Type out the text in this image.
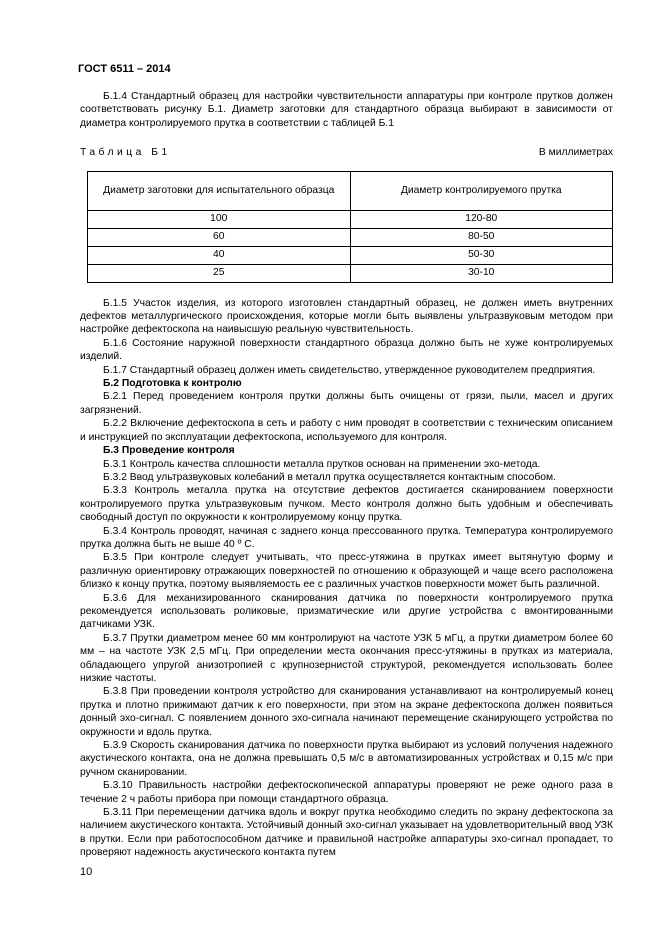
ГОСТ 6511 – 2014

Б.1.4 Стандартный образец для настройки чувствительности аппаратуры при контроле прутков должен соответствовать рисунку Б.1. Диаметр заготовки для стандартного образца выбирают в зависимости от диаметра контролируемого прутка в соответствии с таблицей Б.1

Таблица Б1	В миллиметрах
Диаметр заготовки для испытательного образца	Диаметр контролируемого прутка
100	120-80
60	80-50
40	50-30
25	30-10

Б.1.5 Участок изделия, из которого изготовлен стандартный образец, не должен иметь внутренних дефектов металлургического происхождения, которые могли быть выявлены ультразвуковым методом при настройке дефектоскопа на наивысшую реальную чувствительность.

Б.1.6 Состояние наружной поверхности стандартного образца должно быть не хуже контролируемых изделий.

Б.1.7 Стандартный образец должен иметь свидетельство, утвержденное руководителем предприятия.

Б.2 Подготовка к контролю

Б.2.1 Перед проведением контроля прутки должны быть очищены от грязи, пыли, масел и других загрязнений.

Б.2.2 Включение дефектоскопа в сеть и работу с ним проводят в соответствии с техническим описанием и инструкцией по эксплуатации дефектоскопа, используемого для контроля.

Б.3 Проведение контроля

Б.3.1 Контроль качества сплошности металла прутков основан на применении эхо-метода.

Б.3.2 Ввод ультразвуковых колебаний в металл прутка осуществляется контактным способом.

Б.3.3 Контроль металла прутка на отсутствие дефектов достигается сканированием поверхности контролируемого прутка ультразвуковым пучком. Место контроля должно быть удобным и обеспечивать свободный доступ по окружности к контролируемому концу прутка.

Б.3.4 Контроль проводят, начиная с заднего конца прессованного прутка. Температура контролируемого прутка должна быть не выше 40 º С.

Б.3.5 При контроле следует учитывать, что пресс-утяжина в прутках имеет вытянутую форму и различную ориентировку отражающих поверхностей по отношению к образующей и чаще всего расположена близко к концу прутка, поэтому выявляемость ее с различных участков поверхности может быть различной.

Б.3.6 Для механизированного сканирования датчика по поверхности контролируемого прутка рекомендуется использовать роликовые, призматические или другие устройства с вмонтированными датчиками УЗК.

Б.3.7 Прутки диаметром менее 60 мм контролируют на частоте УЗК 5 мГц, а прутки диаметром более 60 мм – на частоте УЗК 2,5 мГц. При определении места окончания пресс-утяжины в прутках из материала, обладающего упругой анизотропией с крупнозернистой структурой, рекомендуется использовать более низкие частоты.

Б.3.8 При проведении контроля устройство для сканирования устанавливают на контролируемый конец прутка и плотно прижимают датчик к его поверхности, при этом на экране дефектоскопа должен появиться донный эхо-сигнал. С появлением донного эхо-сигнала начинают перемещение сканирующего устройства по окружности и вдоль прутка.

Б.3.9 Скорость сканирования датчика по поверхности прутка выбирают из условий получения надежного акустического контакта, она не должна превышать 0,5 м/с в автоматизированных устройствах и 0,15 м/с при ручном сканировании.

Б.3.10 Правильность настройки дефектоскопической аппаратуры проверяют не реже одного раза в течение 2 ч работы прибора при помощи стандартного образца.

Б.3.11 При перемещении датчика вдоль и вокруг прутка необходимо следить по экрану дефектоскопа за наличием акустического контакта. Устойчивый донный эхо-сигнал указывает на удовлетворительный ввод УЗК в прутки. Если при работоспособном датчике и правильной настройке аппаратуры эхо-сигнал пропадает, то проверяют надежность акустического контакта путем

10
